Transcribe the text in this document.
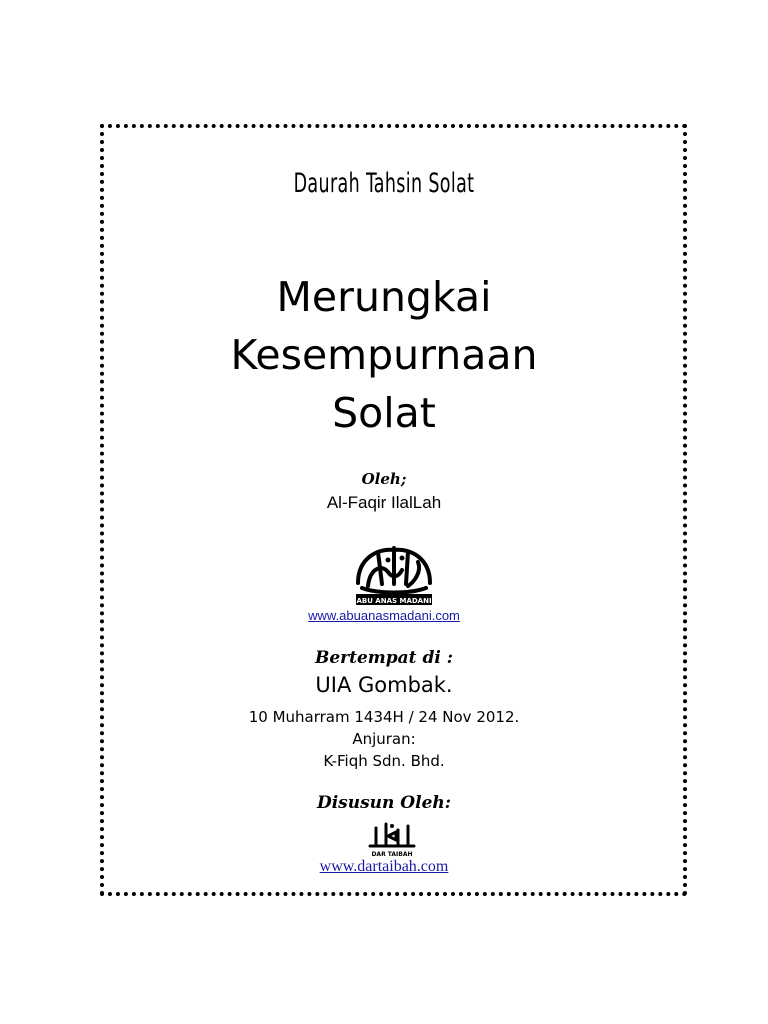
Daurah Tahsin Solat
Merungkai
Kesempurnaan
Solat
Oleh;
Al-Faqir IlalLah
ABU ANAS MADANI
www.abuanasmadani.com
Bertempat di :
UIA Gombak.
10 Muharram 1434H / 24 Nov 2012.
Anjuran:
K-Fiqh Sdn. Bhd.
Disusun Oleh:
DAR TAIBAH
www.dartaibah.com
